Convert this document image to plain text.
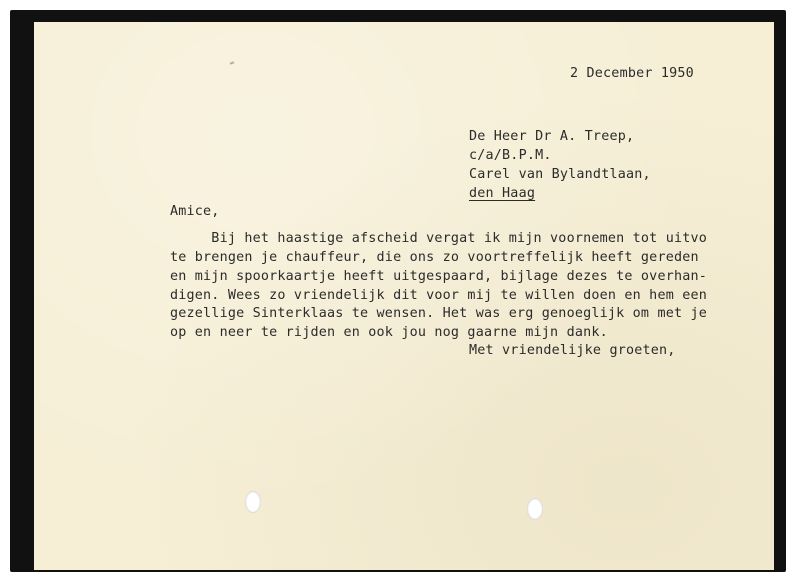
2 December 1950
De Heer Dr A. Treep,
c/a/B.P.M.
Carel van Bylandtlaan,
den Haag
Amice,
Bij het haastige afscheid vergat ik mijn voornemen tot uitvo
te brengen je chauffeur, die ons zo voortreffelijk heeft gereden
en mijn spoorkaartje heeft uitgespaard, bijlage dezes te overhan-
digen. Wees zo vriendelijk dit voor mij te willen doen en hem een
gezellige Sinterklaas te wensen. Het was erg genoeglijk om met je
op en neer te rijden en ook jou nog gaarne mijn dank.
Met vriendelijke groeten,
